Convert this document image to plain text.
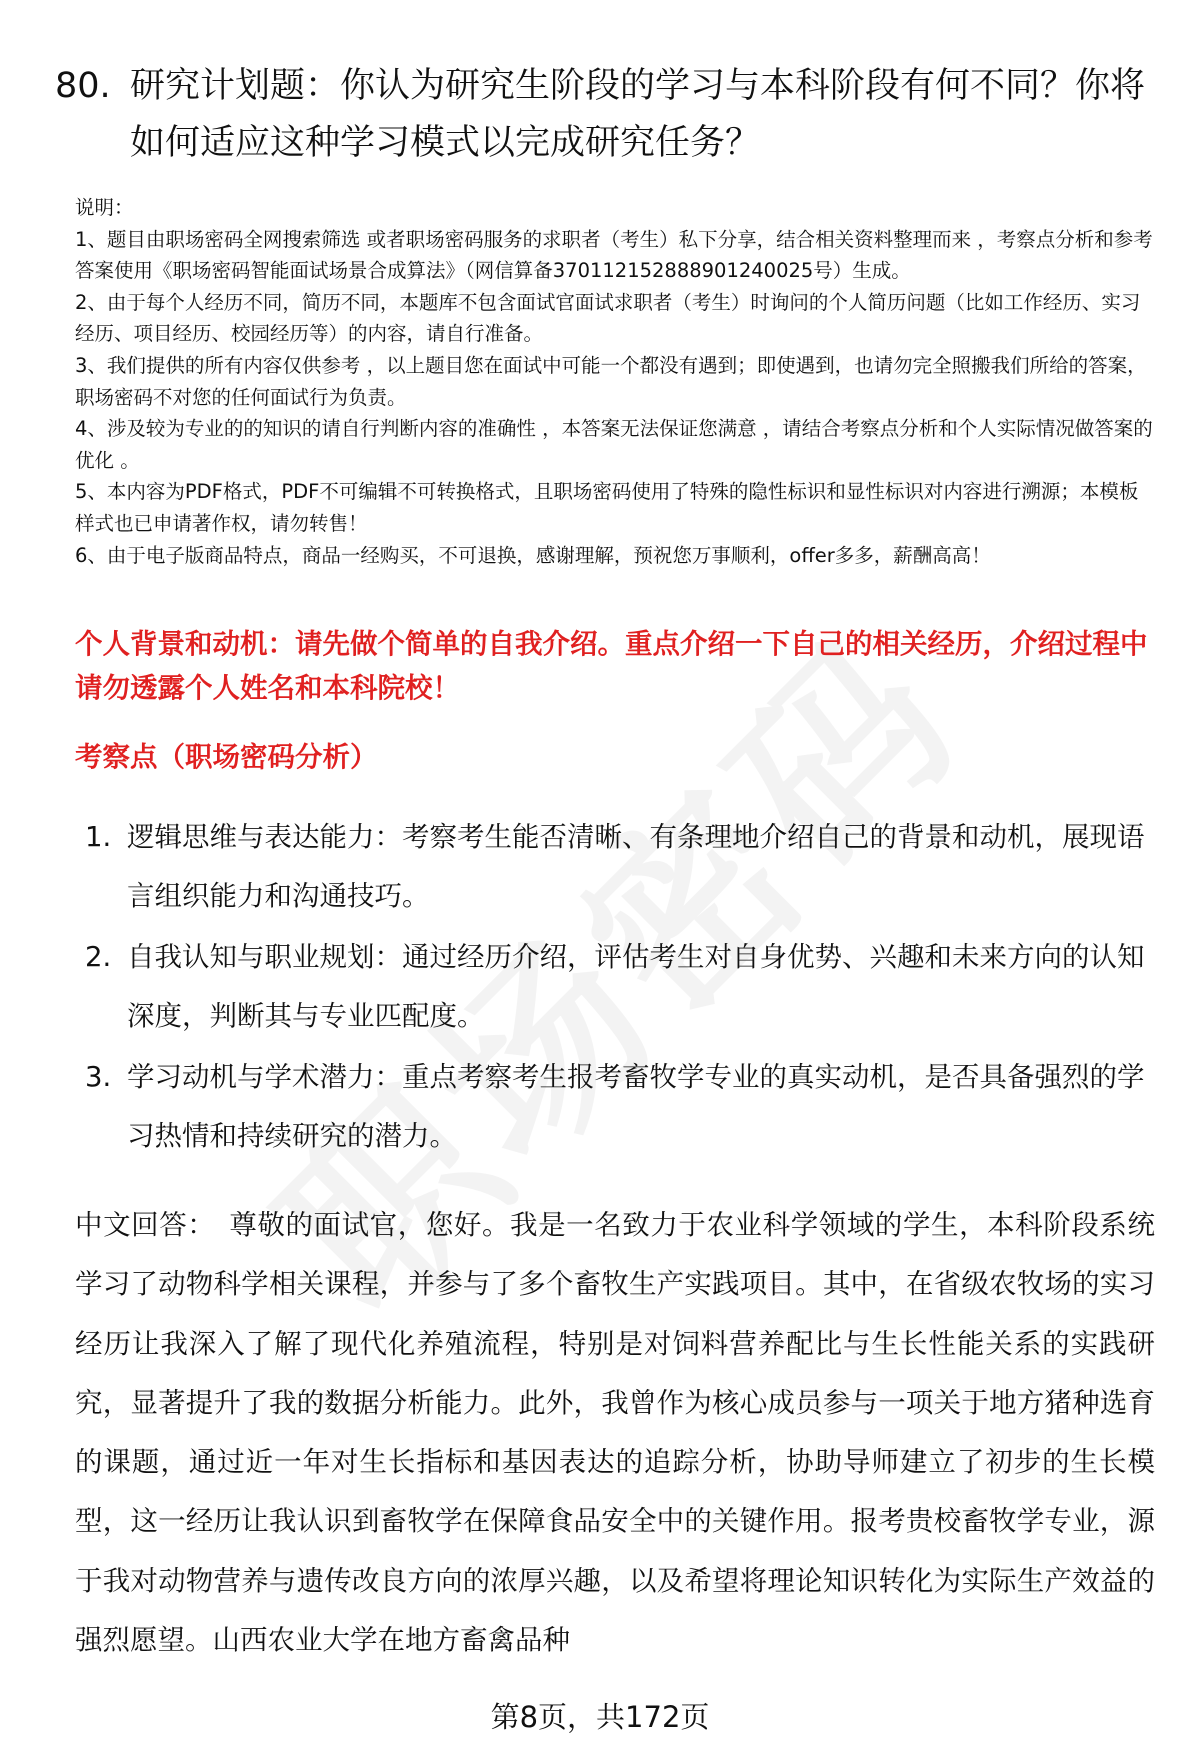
80. 研究计划题：你认为研究生阶段的学习与本科阶段有何不同？你将如何适应这种学习模式以完成研究任务？

说明：

1、题目由职场密码全网搜索筛选 或者职场密码服务的求职者（考生）私下分享，结合相关资料整理而来 ，考察点分析和参考答案使用《职场密码智能面试场景合成算法》（网信算备370112152888901240025号）生成。

2、由于每个人经历不同，简历不同，本题库不包含面试官面试求职者（考生）时询问的个人简历问题（比如工作经历、实习经历、项目经历、校园经历等）的内容，请自行准备。

3、我们提供的所有内容仅供参考 ，以上题目您在面试中可能一个都没有遇到；即使遇到，也请勿完全照搬我们所给的答案，职场密码不对您的任何面试行为负责。

4、涉及较为专业的的知识的请自行判断内容的准确性 ，本答案无法保证您满意 ，请结合考察点分析和个人实际情况做答案的优化 。

5、本内容为PDF格式，PDF不可编辑不可转换格式，且职场密码使用了特殊的隐性标识和显性标识对内容进行溯源；本模板样式也已申请著作权，请勿转售！

6、由于电子版商品特点，商品一经购买，不可退换，感谢理解，预祝您万事顺利，offer多多，薪酬高高！

个人背景和动机：请先做个简单的自我介绍。重点介绍一下自己的相关经历，介绍过程中请勿透露个人姓名和本科院校！
考察点（职场密码分析）
1. 逻辑思维与表达能力：考察考生能否清晰、有条理地介绍自己的背景和动机，展现语言组织能力和沟通技巧。
2. 自我认知与职业规划：通过经历介绍，评估考生对自身优势、兴趣和未来方向的认知深度，判断其与专业匹配度。
3. 学习动机与学术潜力：重点考察考生报考畜牧学专业的真实动机，是否具备强烈的学习热情和持续研究的潜力。
中文回答： 尊敬的面试官，您好。我是一名致力于农业科学领域的学生，本科阶段系统学习了动物科学相关课程，并参与了多个畜牧生产实践项目。其中，在省级农牧场的实习经历让我深入了解了现代化养殖流程，特别是对饲料营养配比与生长性能关系的实践研究，显著提升了我的数据分析能力。此外，我曾作为核心成员参与一项关于地方猪种选育的课题，通过近一年对生长指标和基因表达的追踪分析，协助导师建立了初步的生长模型，这一经历让我认识到畜牧学在保障食品安全中的关键作用。报考贵校畜牧学专业，源于我对动物营养与遗传改良方向的浓厚兴趣，以及希望将理论知识转化为实际生产效益的强烈愿望。山西农业大学在地方畜禽品种
第8页，共172页
